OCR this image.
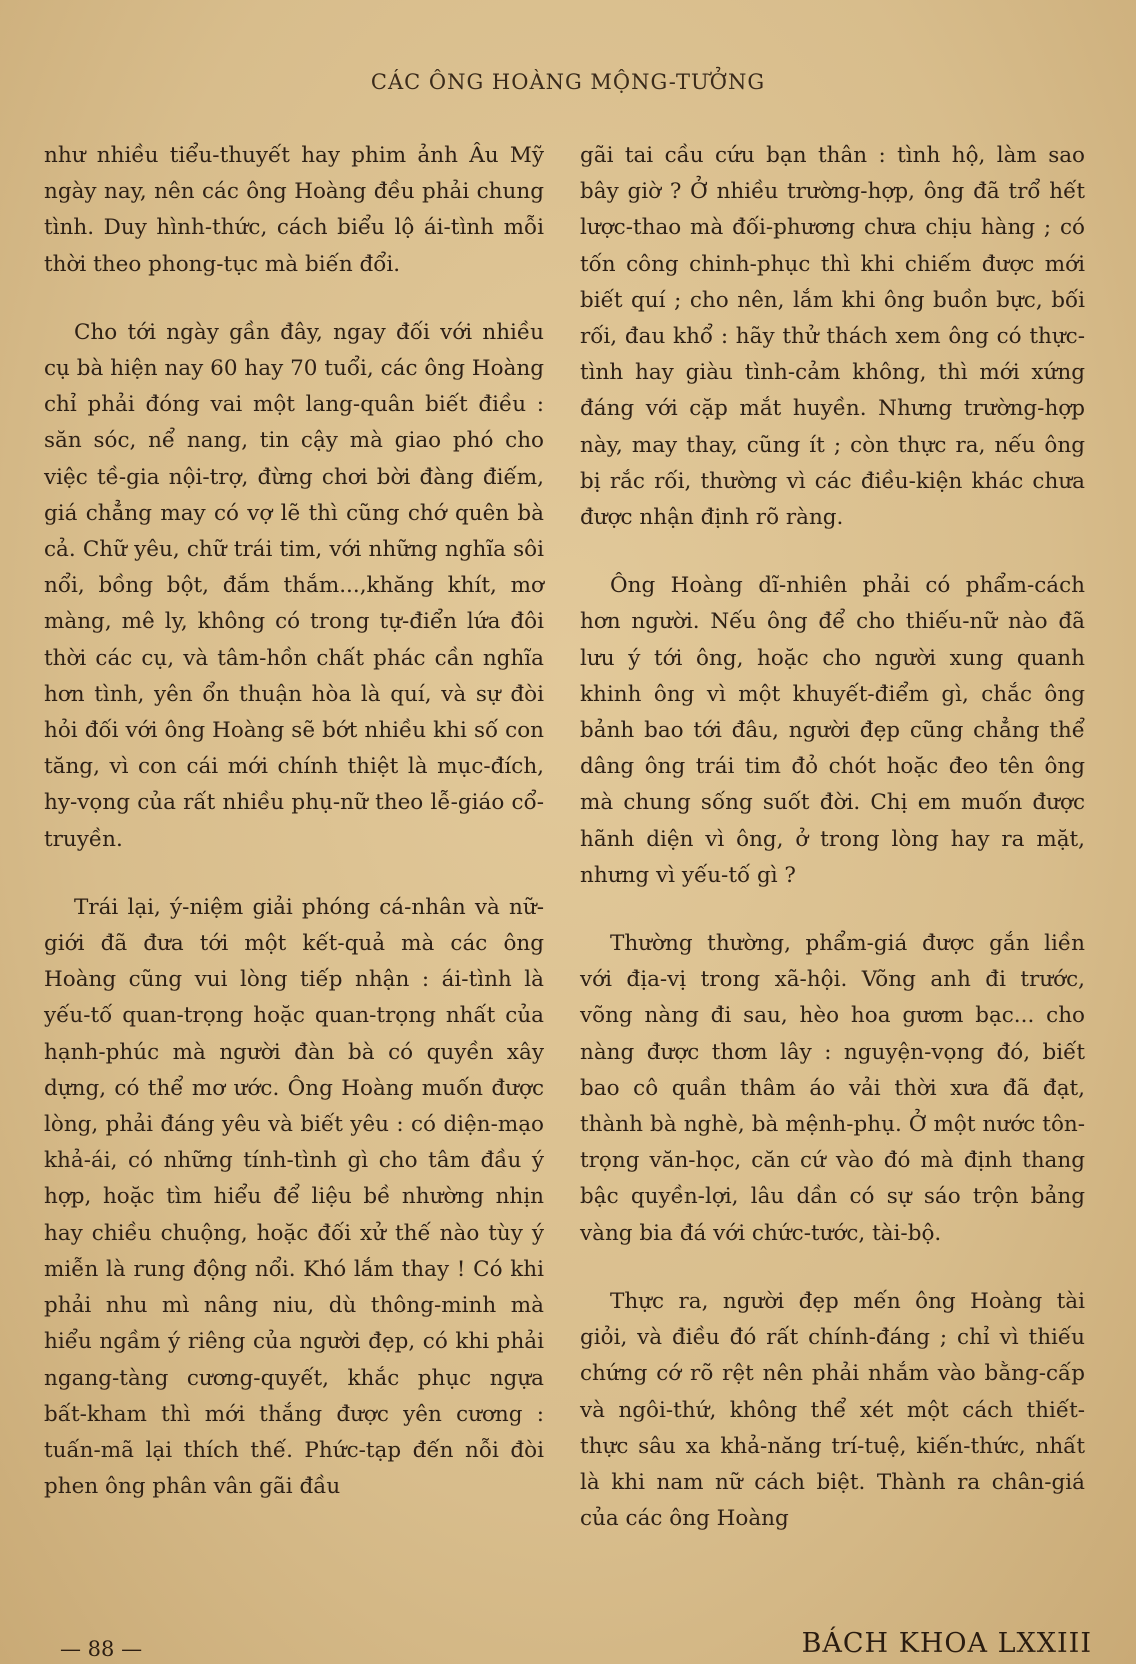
CÁC ÔNG HOÀNG MỘNG-TƯỞNG

như nhiều tiểu-thuyết hay phim ảnh Âu Mỹ ngày nay, nên các ông Hoàng đều phải chung tình. Duy hình-thức, cách biểu lộ ái-tình mỗi thời theo phong-tục mà biến đổi.

Cho tới ngày gần đây, ngay đối với nhiều cụ bà hiện nay 60 hay 70 tuổi, các ông Hoàng chỉ phải đóng vai một lang-quân biết điều : săn sóc, nể nang, tin cậy mà giao phó cho việc tề-gia nội-trợ, đừng chơi bời đàng điếm, giá chẳng may có vợ lẽ thì cũng chớ quên bà cả. Chữ yêu, chữ trái tim, với những nghĩa sôi nổi, bồng bột, đắm thắm...,khăng khít, mơ màng, mê ly, không có trong tự-điển lứa đôi thời các cụ, và tâm-hồn chất phác cần nghĩa hơn tình, yên ổn thuận hòa là quí, và sự đòi hỏi đối với ông Hoàng sẽ bớt nhiều khi số con tăng, vì con cái mới chính thiệt là mục-đích, hy-vọng của rất nhiều phụ-nữ theo lễ-giáo cổ-truyền.

Trái lại, ý-niệm giải phóng cá-nhân và nữ-giới đã đưa tới một kết-quả mà các ông Hoàng cũng vui lòng tiếp nhận : ái-tình là yếu-tố quan-trọng hoặc quan-trọng nhất của hạnh-phúc mà người đàn bà có quyền xây dựng, có thể mơ ước. Ông Hoàng muốn được lòng, phải đáng yêu và biết yêu : có diện-mạo khả-ái, có những tính-tình gì cho tâm đầu ý hợp, hoặc tìm hiểu để liệu bề nhường nhịn hay chiều chuộng, hoặc đối xử thế nào tùy ý miễn là rung động nổi. Khó lắm thay ! Có khi phải nhu mì nâng niu, dù thông-minh mà hiểu ngầm ý riêng của người đẹp, có khi phải ngang-tàng cương-quyết, khắc phục ngựa bất-kham thì mới thắng được yên cương : tuấn-mã lại thích thế. Phức-tạp đến nỗi đòi phen ông phân vân gãi đầu

gãi tai cầu cứu bạn thân : tình hộ, làm sao bây giờ ? Ở nhiều trường-hợp, ông đã trổ hết lược-thao mà đối-phương chưa chịu hàng ; có tốn công chinh-phục thì khi chiếm được mới biết quí ; cho nên, lắm khi ông buồn bực, bối rối, đau khổ : hãy thử thách xem ông có thực-tình hay giàu tình-cảm không, thì mới xứng đáng với cặp mắt huyền. Nhưng trường-hợp này, may thay, cũng ít ; còn thực ra, nếu ông bị rắc rối, thường vì các điều-kiện khác chưa được nhận định rõ ràng.

Ông Hoàng dĩ-nhiên phải có phẩm-cách hơn người. Nếu ông để cho thiếu-nữ nào đã lưu ý tới ông, hoặc cho người xung quanh khinh ông vì một khuyết-điểm gì, chắc ông bảnh bao tới đâu, người đẹp cũng chẳng thể dâng ông trái tim đỏ chót hoặc đeo tên ông mà chung sống suốt đời. Chị em muốn được hãnh diện vì ông, ở trong lòng hay ra mặt, nhưng vì yếu-tố gì ?

Thường thường, phẩm-giá được gắn liền với địa-vị trong xã-hội. Võng anh đi trước, võng nàng đi sau, hèo hoa gươm bạc... cho nàng được thơm lây : nguyện-vọng đó, biết bao cô quần thâm áo vải thời xưa đã đạt, thành bà nghè, bà mệnh-phụ. Ở một nước tôn-trọng văn-học, căn cứ vào đó mà định thang bậc quyền-lợi, lâu dần có sự sáo trộn bảng vàng bia đá với chức-tước, tài-bộ.

Thực ra, người đẹp mến ông Hoàng tài giỏi, và điều đó rất chính-đáng ; chỉ vì thiếu chứng cớ rõ rệt nên phải nhắm vào bằng-cấp và ngôi-thứ, không thể xét một cách thiết-thực sâu xa khả-năng trí-tuệ, kiến-thức, nhất là khi nam nữ cách biệt. Thành ra chân-giá của các ông Hoàng

— 88 —	BÁCH KHOA LXXIII
